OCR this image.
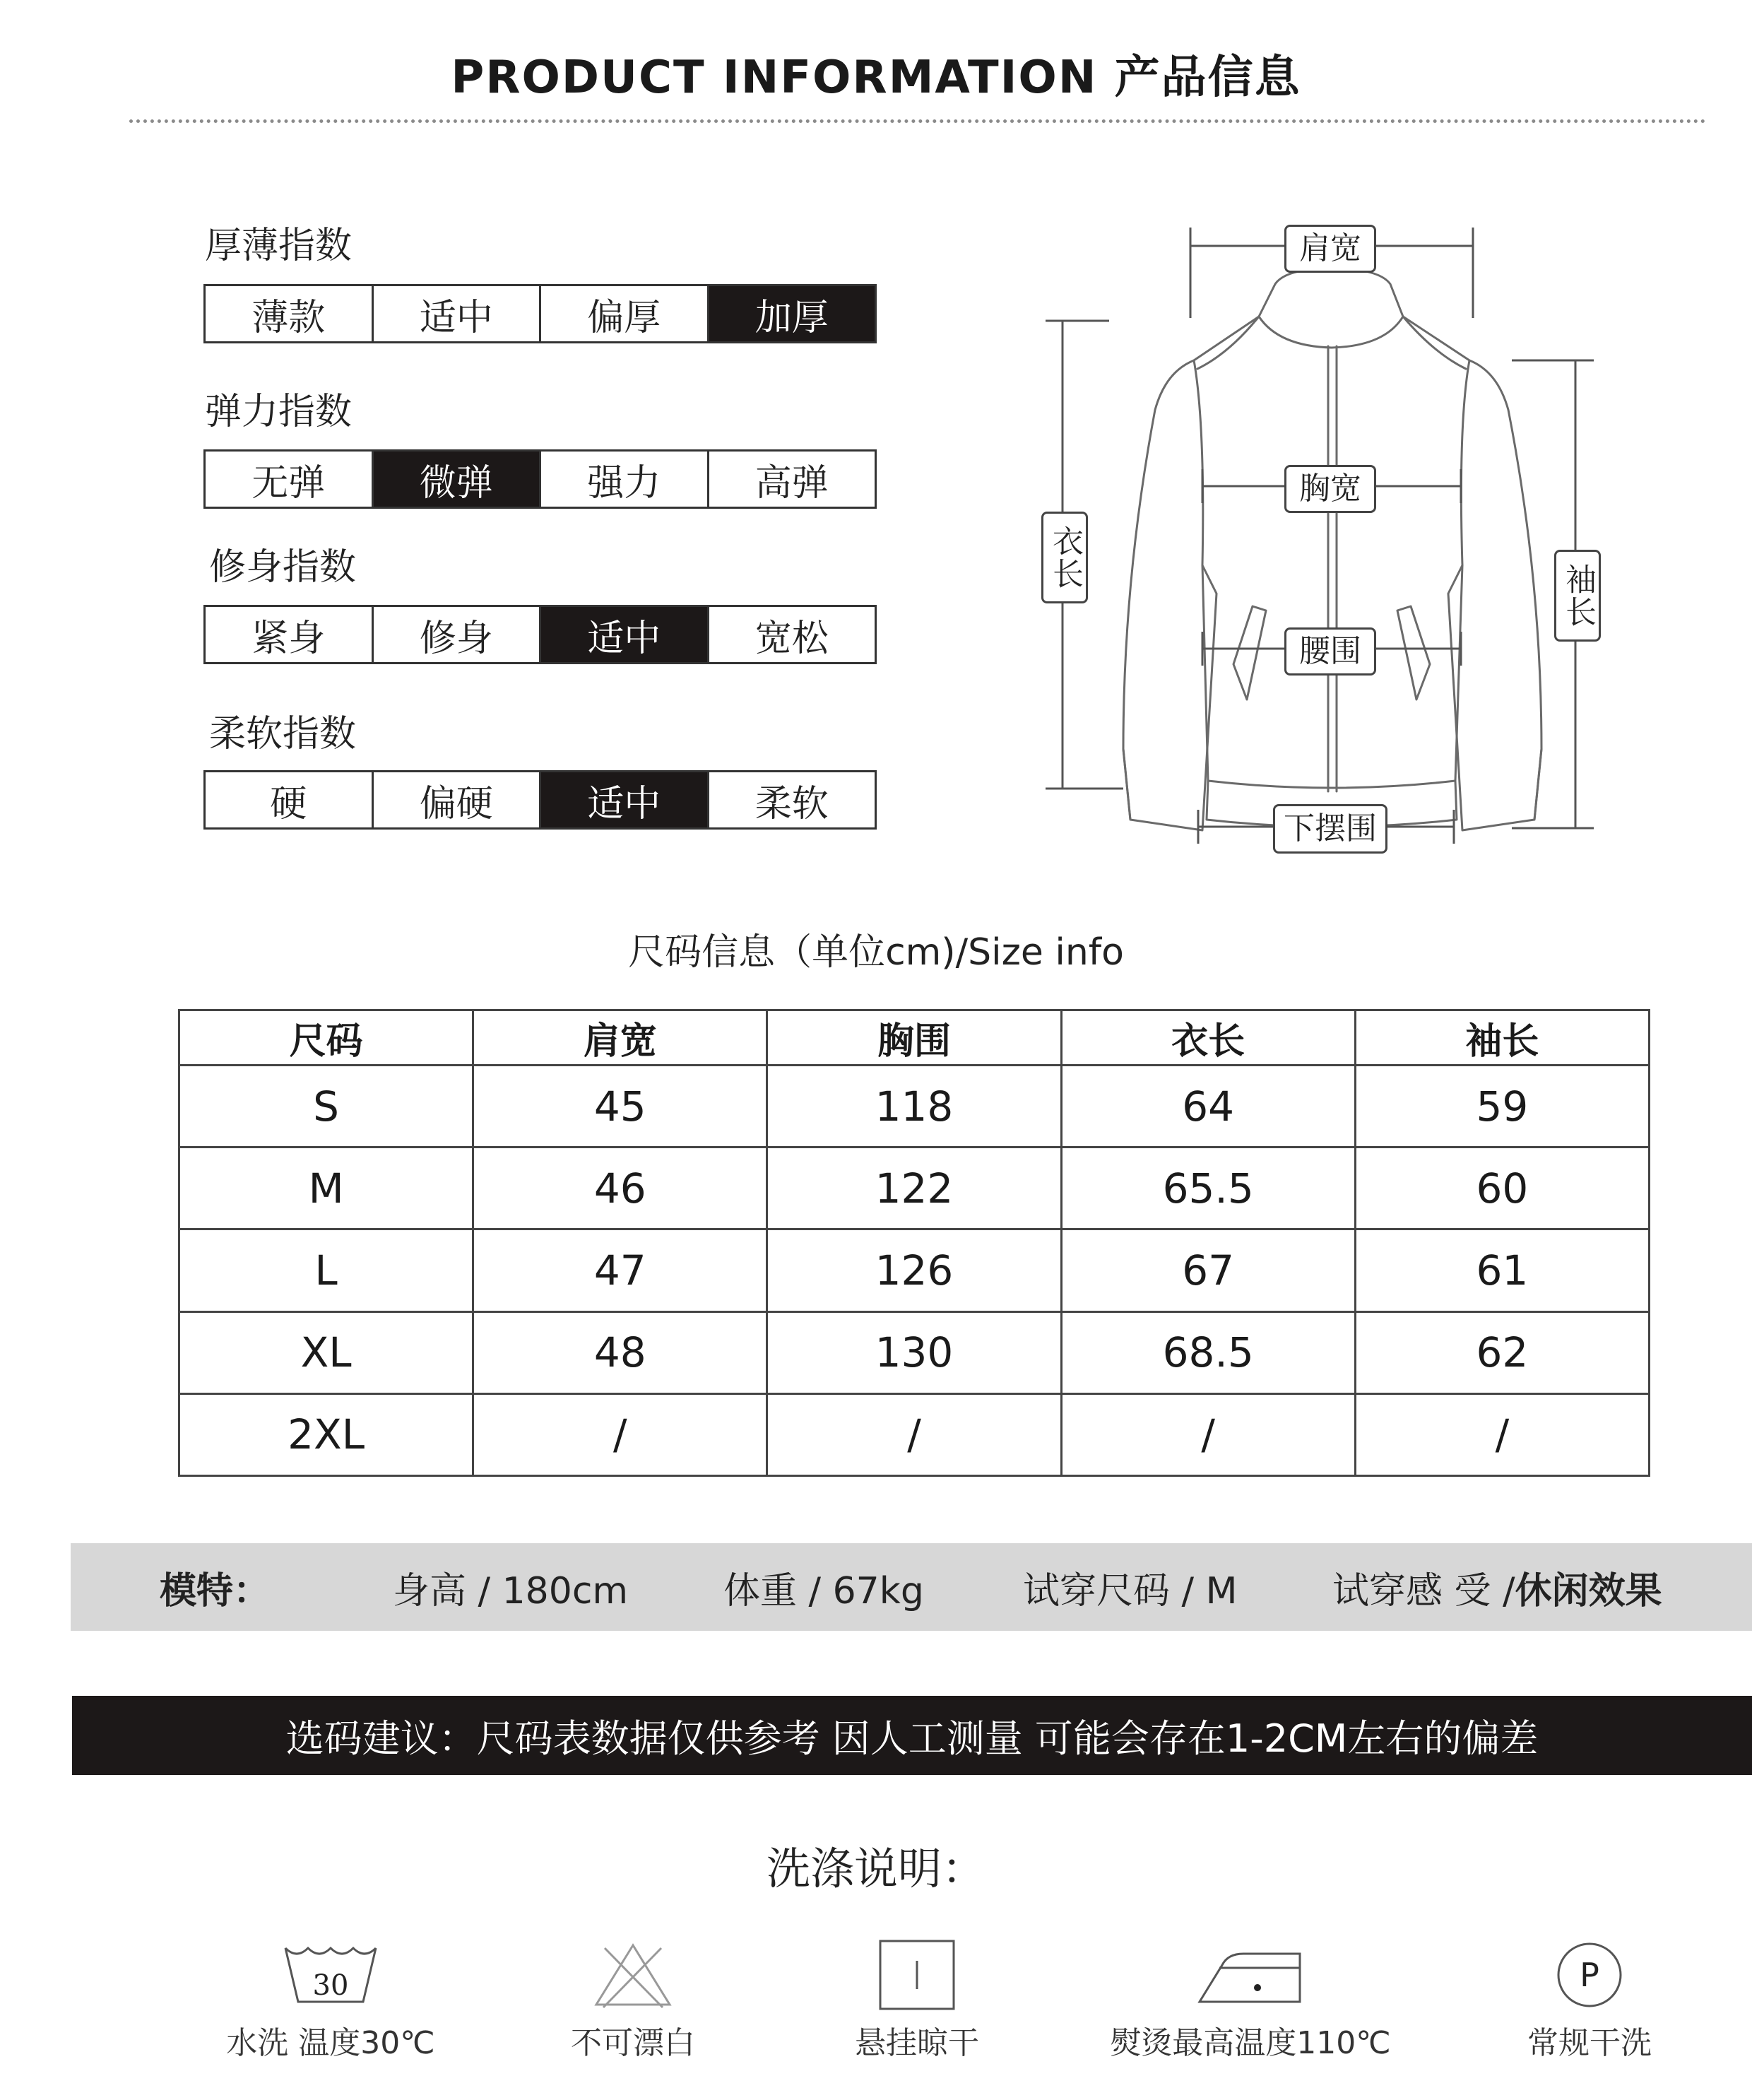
PRODUCT INFORMATION 产品信息
厚薄指数
薄款	适中	偏厚	加厚
弹力指数
无弹	微弹	强力	高弹
修身指数
紧身	修身	适中	宽松
柔软指数
硬	偏硬	适中	柔软
肩宽
胸宽
腰围
下摆围
衣长
袖长
尺码信息（单位cm)/Size info
尺码	肩宽	胸围	衣长	袖长
S	45	118	64	59
M	46	122	65.5	60
L	47	126	67	61
XL	48	130	68.5	62
2XL	/	/	/	/
模特：	身高 / 180cm	体重 / 67kg	试穿尺码 / M	试穿感 受 / 休闲效果
选码建议：尺码表数据仅供参考 因人工测量 可能会存在1-2CM左右的偏差
洗涤说明：
30
水洗 温度30℃	不可漂白	悬挂晾干	熨烫最高温度110℃
P
常规干洗
